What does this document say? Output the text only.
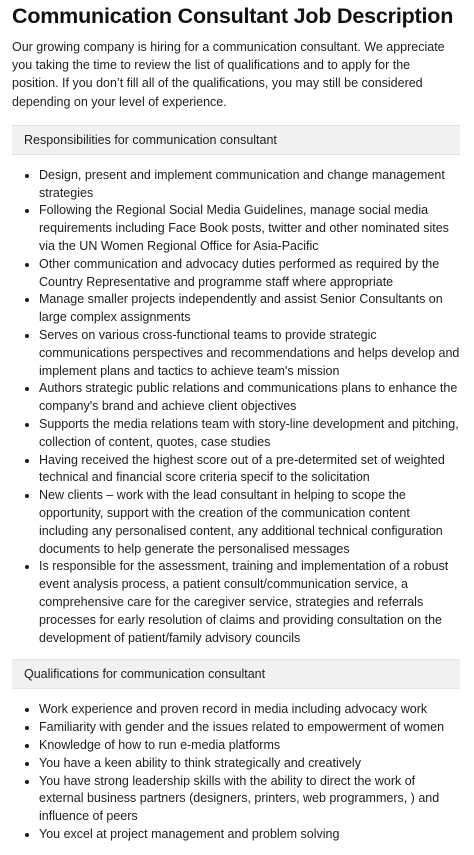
Communication Consultant Job Description

Our growing company is hiring for a communication consultant. We appreciate you taking the time to review the list of qualifications and to apply for the position. If you don’t fill all of the qualifications, you may still be considered depending on your level of experience.

Responsibilities for communication consultant
• Design, present and implement communication and change management strategies
• Following the Regional Social Media Guidelines, manage social media requirements including Face Book posts, twitter and other nominated sites via the UN Women Regional Office for Asia-Pacific
• Other communication and advocacy duties performed as required by the Country Representative and programme staff where appropriate
• Manage smaller projects independently and assist Senior Consultants on large complex assignments
• Serves on various cross-functional teams to provide strategic communications perspectives and recommendations and helps develop and implement plans and tactics to achieve team's mission
• Authors strategic public relations and communications plans to enhance the company's brand and achieve client objectives
• Supports the media relations team with story-line development and pitching, collection of content, quotes, case studies
• Having received the highest score out of a pre-determited set of weighted technical and financial score criteria specif to the solicitation
• New clients – work with the lead consultant in helping to scope the opportunity, support with the creation of the communication content including any personalised content, any additional technical configuration documents to help generate the personalised messages
• Is responsible for the assessment, training and implementation of a robust event analysis process, a patient consult/communication service, a comprehensive care for the caregiver service, strategies and referrals processes for early resolution of claims and providing consultation on the development of patient/family advisory councils
Qualifications for communication consultant
• Work experience and proven record in media including advocacy work
• Familiarity with gender and the issues related to empowerment of women
• Knowledge of how to run e-media platforms
• You have a keen ability to think strategically and creatively
• You have strong leadership skills with the ability to direct the work of external business partners (designers, printers, web programmers, ) and influence of peers
• You excel at project management and problem solving
